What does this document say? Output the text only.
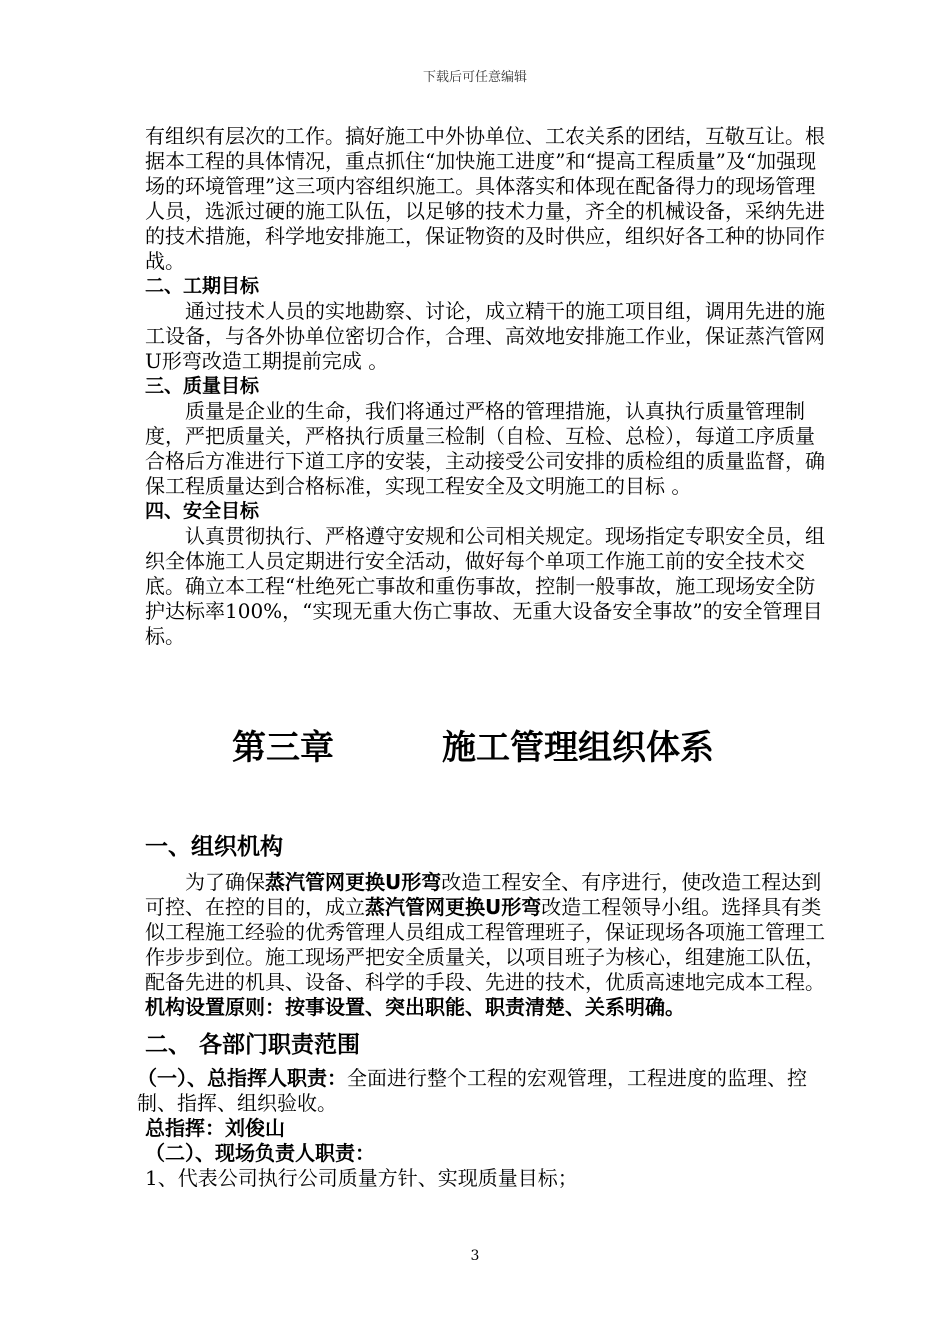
下载后可任意编辑

有组织有层次的工作。搞好施工中外协单位、工农关系的团结，互敬互让。根据本工程的具体情况，重点抓住“加快施工进度”和“提高工程质量”及“加强现场的环境管理”这三项内容组织施工。具体落实和体现在配备得力的现场管理人员，选派过硬的施工队伍，以足够的技术力量，齐全的机械设备，采纳先进的技术措施，科学地安排施工，保证物资的及时供应，组织好各工种的协同作战。

二、工期目标

通过技术人员的实地勘察、讨论，成立精干的施工项目组，调用先进的施工设备，与各外协单位密切合作，合理、高效地安排施工作业，保证蒸汽管网U形弯改造工期提前完成 。

三、质量目标

质量是企业的生命，我们将通过严格的管理措施，认真执行质量管理制度，严把质量关，严格执行质量三检制（自检、互检、总检），每道工序质量合格后方准进行下道工序的安装，主动接受公司安排的质检组的质量监督，确保工程质量达到合格标准，实现工程安全及文明施工的目标 。

四、安全目标

认真贯彻执行、严格遵守安规和公司相关规定。现场指定专职安全员，组织全体施工人员定期进行安全活动，做好每个单项工作施工前的安全技术交底。确立本工程“杜绝死亡事故和重伤事故，控制一般事故，施工现场安全防护达标率100%，“实现无重大伤亡事故、无重大设备安全事故”的安全管理目标。

第三章	施工管理组织体系

一、组织机构

为了确保蒸汽管网更换U形弯改造工程安全、有序进行，使改造工程达到可控、在控的目的，成立蒸汽管网更换U形弯改造工程领导小组。选择具有类似工程施工经验的优秀管理人员组成工程管理班子，保证现场各项施工管理工作步步到位。施工现场严把安全质量关，以项目班子为核心，组建施工队伍，配备先进的机具、设备、科学的手段、先进的技术，优质高速地完成本工程。机构设置原则：按事设置、突出职能、职责清楚、关系明确。

二、 各部门职责范围

（一）、总指挥人职责：全面进行整个工程的宏观管理，工程进度的监理、控制、指挥、组织验收。

总指挥：刘俊山

（二）、现场负责人职责：

1、代表公司执行公司质量方针、实现质量目标；

3
